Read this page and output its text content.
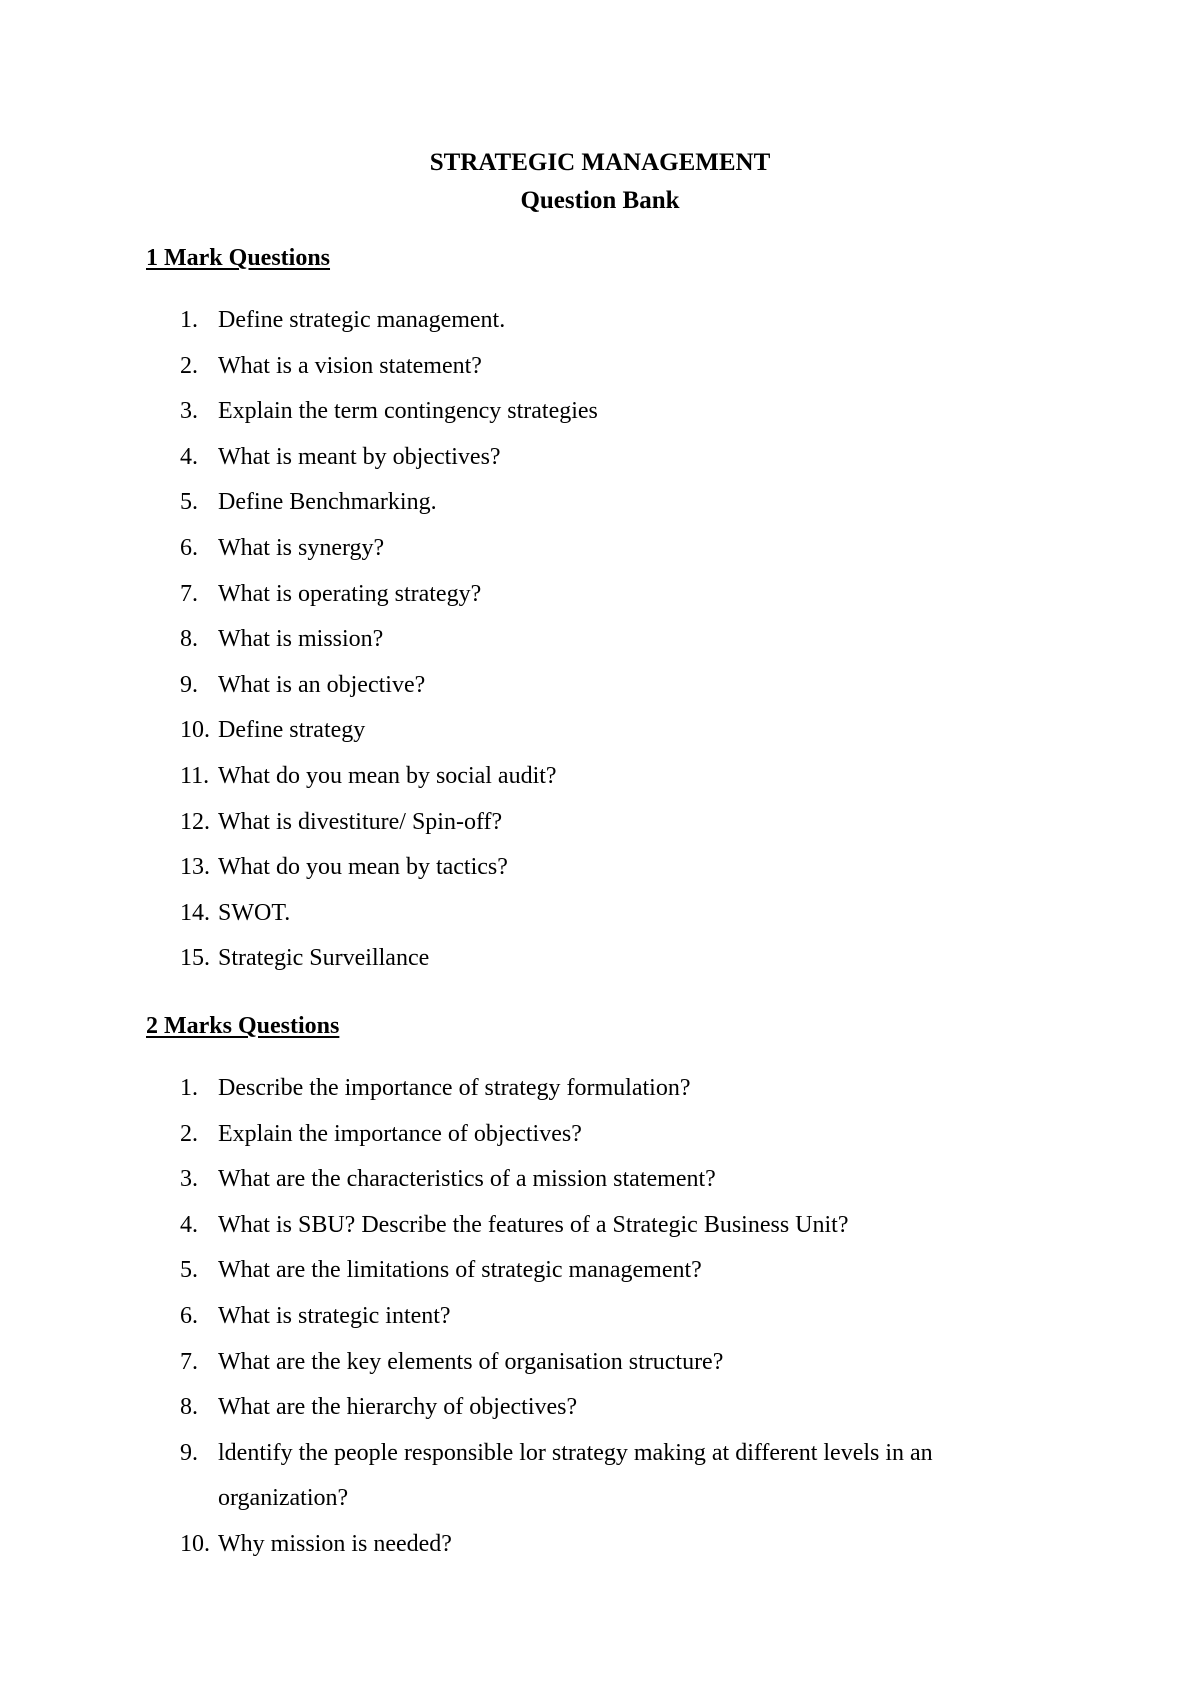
STRATEGIC MANAGEMENT
Question Bank
1 Mark Questions
1. Define strategic management.
2. What is a vision statement?
3. Explain the term contingency strategies
4. What is meant by objectives?
5. Define Benchmarking.
6. What is synergy?
7. What is operating strategy?
8. What is mission?
9. What is an objective?
10. Define strategy
11. What do you mean by social audit?
12. What is divestiture/ Spin-off?
13. What do you mean by tactics?
14. SWOT.
15. Strategic Surveillance
2 Marks Questions
1. Describe the importance of strategy formulation?
2. Explain the importance of objectives?
3. What are the characteristics of a mission statement?
4. What is SBU? Describe the features of a Strategic Business Unit?
5. What are the limitations of strategic management?
6. What is strategic intent?
7. What are the key elements of organisation structure?
8. What are the hierarchy of objectives?
9. ldentify the people responsible lor strategy making at different levels in an organization?
10. Why mission is needed?
